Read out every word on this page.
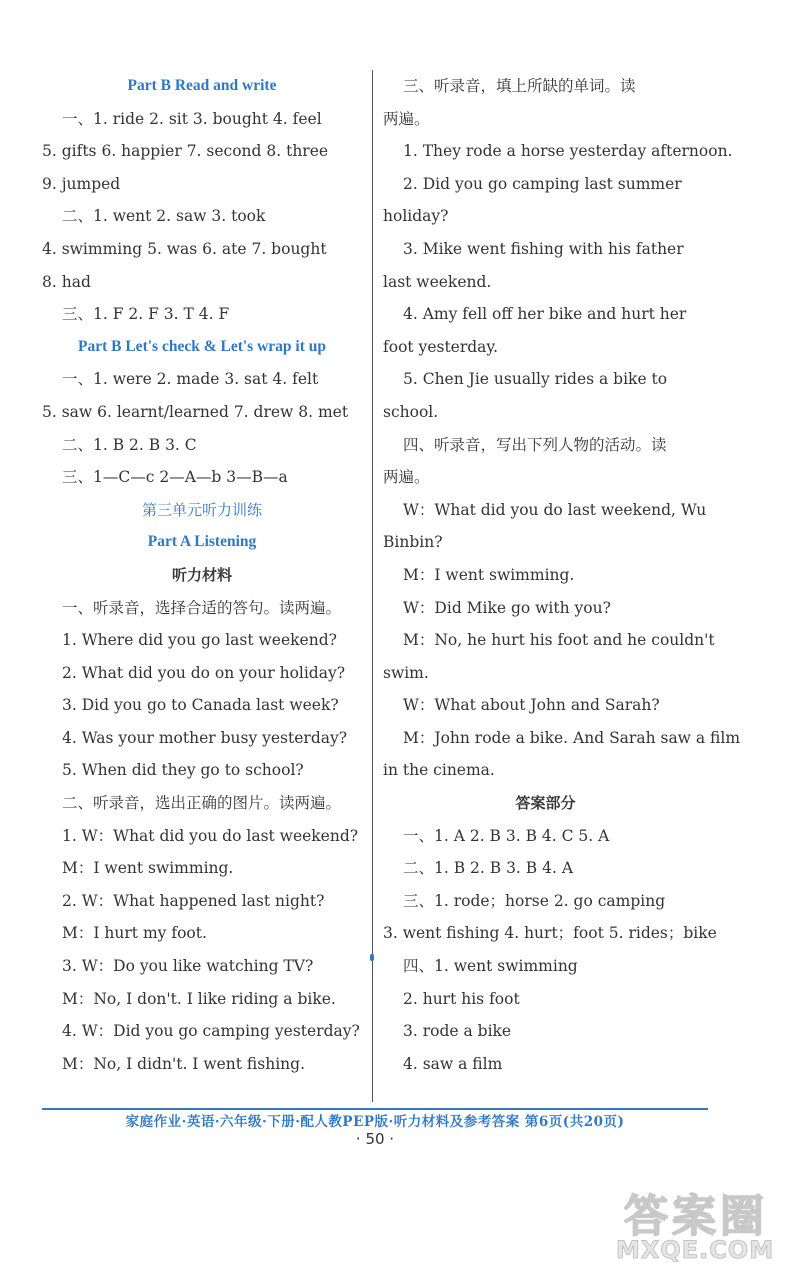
Part B Read and write
一、1. ride 2. sit 3. bought 4. feel
5. gifts 6. happier 7. second 8. three
9. jumped
二、1. went 2. saw 3. took
4. swimming 5. was 6. ate 7. bought
8. had
三、1. F 2. F 3. T 4. F
Part B Let's check & Let's wrap it up
一、1. were 2. made 3. sat 4. felt
5. saw 6. learnt/learned 7. drew 8. met
二、1. B 2. B 3. C
三、1—C—c 2—A—b 3—B—a
第三单元听力训练
Part A Listening
听力材料
一、听录音，选择合适的答句。读两遍。
1. Where did you go last weekend?
2. What did you do on your holiday?
3. Did you go to Canada last week?
4. Was your mother busy yesterday?
5. When did they go to school?
二、听录音，选出正确的图片。读两遍。
1. W：What did you do last weekend?
M：I went swimming.
2. W：What happened last night?
M：I hurt my foot.
3. W：Do you like watching TV?
M：No, I don't. I like riding a bike.
4. W：Did you go camping yesterday?
M：No, I didn't. I went fishing.
三、听录音，填上所缺的单词。读
两遍。
1. They rode a horse yesterday afternoon.
2. Did you go camping last summer
holiday?
3. Mike went fishing with his father
last weekend.
4. Amy fell off her bike and hurt her
foot yesterday.
5. Chen Jie usually rides a bike to
school.
四、听录音，写出下列人物的活动。读
两遍。
W：What did you do last weekend, Wu
Binbin?
M：I went swimming.
W：Did Mike go with you?
M：No, he hurt his foot and he couldn't
swim.
W：What about John and Sarah?
M：John rode a bike. And Sarah saw a film
in the cinema.
答案部分
一、1. A 2. B 3. B 4. C 5. A
二、1. B 2. B 3. B 4. A
三、1. rode；horse 2. go camping
3. went fishing 4. hurt；foot 5. rides；bike
四、1. went swimming
2. hurt his foot
3. rode a bike
4. saw a film
家庭作业·英语·六年级·下册·配人教PEP版·听力材料及参考答案 第6页(共20页)
· 50 ·
答案圈
MXQE.COM
